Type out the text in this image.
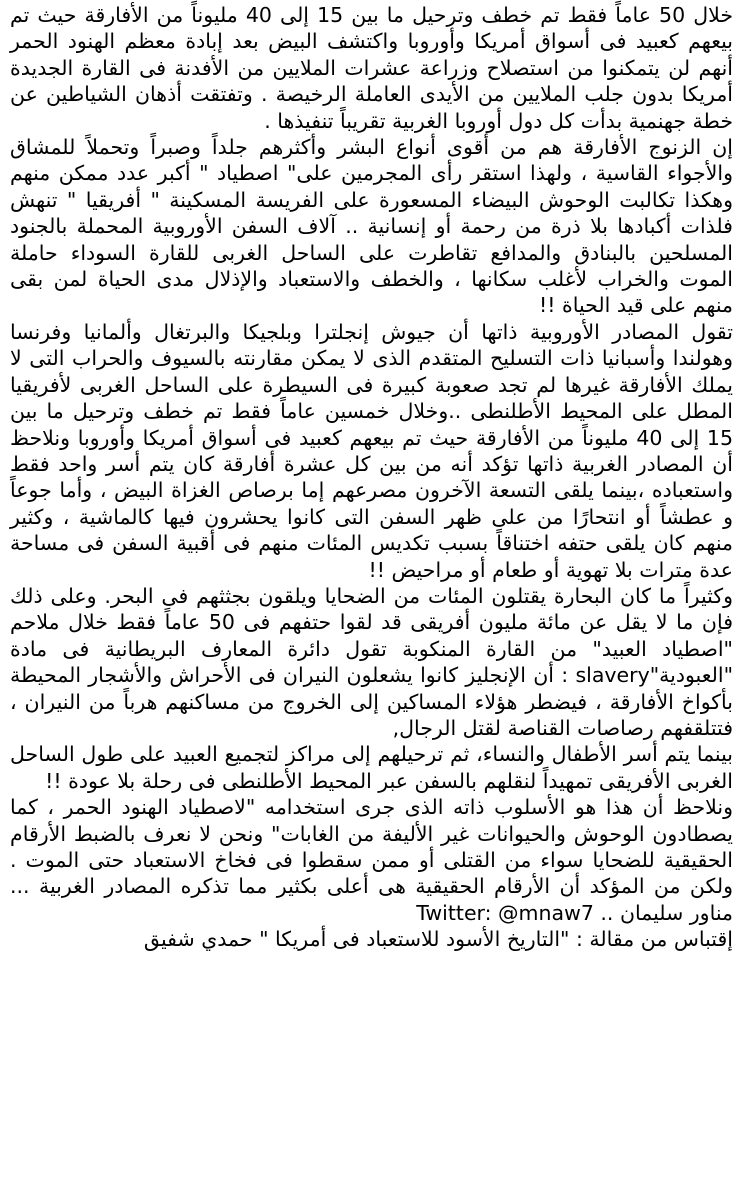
خلال 50 عاماً فقط تم خطف وترحيل ما بين 15 إلى 40 مليوناً من الأفارقة حيث تم بيعهم كعبيد فى أسواق أمريكا وأوروبا واكتشف البيض بعد إبادة معظم الهنود الحمر أنهم لن يتمكنوا من استصلاح وزراعة عشرات الملايين من الأفدنة فى القارة الجديدة أمريكا بدون جلب الملايين من الأيدى العاملة الرخيصة . وتفتقت أذهان الشياطين عن خطة جهنمية بدأت كل دول أوروبا الغربية تقريباً تنفيذها .

إن الزنوج الأفارقة هم من أقوى أنواع البشر وأكثرهم جلداً وصبراً وتحملاً للمشاق والأجواء القاسية ، ولهذا استقر رأى المجرمين على" اصطياد " أكبر عدد ممكن منهم وهكذا تكالبت الوحوش البيضاء المسعورة على الفريسة المسكينة " أفريقيا " تنهش فلذات أكبادها بلا ذرة من رحمة أو إنسانية .. آلاف السفن الأوروبية المحملة بالجنود المسلحين بالبنادق والمدافع تقاطرت على الساحل الغربى للقارة السوداء حاملة الموت والخراب لأغلب سكانها ، والخطف والاستعباد والإذلال مدى الحياة لمن بقى منهم على قيد الحياة !!

تقول المصادر الأوروبية ذاتها أن جيوش إنجلترا وبلجيكا والبرتغال وألمانيا وفرنسا وهولندا وأسبانيا ذات التسليح المتقدم الذى لا يمكن مقارنته بالسيوف والحراب التى لا يملك الأفارقة غيرها لم تجد صعوبة كبيرة فى السيطرة على الساحل الغربى لأفريقيا المطل على المحيط الأطلنطى ..وخلال خمسين عاماً فقط تم خطف وترحيل ما بين 15 إلى 40 مليوناً من الأفارقة حيث تم بيعهم كعبيد فى أسواق أمريكا وأوروبا ونلاحظ أن المصادر الغربية ذاتها تؤكد أنه من بين كل عشرة أفارقة كان يتم أسر واحد فقط واستعباده ،بينما يلقى التسعة الآخرون مصرعهم إما برصاص الغزاة البيض ، وأما جوعاً و عطشاً أو انتحارًا من على ظهر السفن التى كانوا يحشرون فيها كالماشية ، وكثير منهم كان يلقى حتفه اختناقاً بسبب تكديس المئات منهم فى أقبية السفن فى مساحة عدة مترات بلا تهوية أو طعام أو مراحيض !!

وكثيراً ما كان البحارة يقتلون المئات من الضحايا ويلقون بجثثهم فى البحر. وعلى ذلك فإن ما لا يقل عن مائة مليون أفريقى قد لقوا حتفهم فى 50 عاماً فقط خلال ملاحم "اصطياد العبيد" من القارة المنكوبة تقول دائرة المعارف البريطانية فى مادة "العبودية"slavery : أن الإنجليز كانوا يشعلون النيران فى الأحراش والأشجار المحيطة بأكواخ الأفارقة ، فيضطر هؤلاء المساكين إلى الخروج من مساكنهم هرباً من النيران ، فتتلقفهم رصاصات القناصة لقتل الرجال,

بينما يتم أسر الأطفال والنساء، ثم ترحيلهم إلى مراكز لتجميع العبيد على طول الساحل الغربى الأفريقى تمهيداً لنقلهم بالسفن عبر المحيط الأطلنطى فى رحلة بلا عودة !!

ونلاحظ أن هذا هو الأسلوب ذاته الذى جرى استخدامه "لاصطياد الهنود الحمر ، كما يصطادون الوحوش والحيوانات غير الأليفة من الغابات" ونحن لا نعرف بالضبط الأرقام الحقيقية للضحايا سواء من القتلى أو ممن سقطوا فى فخاخ الاستعباد حتى الموت . ولكن من المؤكد أن الأرقام الحقيقية هى أعلى بكثير مما تذكره المصادر الغربية ... مناور سليمان .. Twitter: @mnaw7

إقتباس من مقالة : "التاريخ الأسود للاستعباد فى أمريكا " حمدي شفيق
